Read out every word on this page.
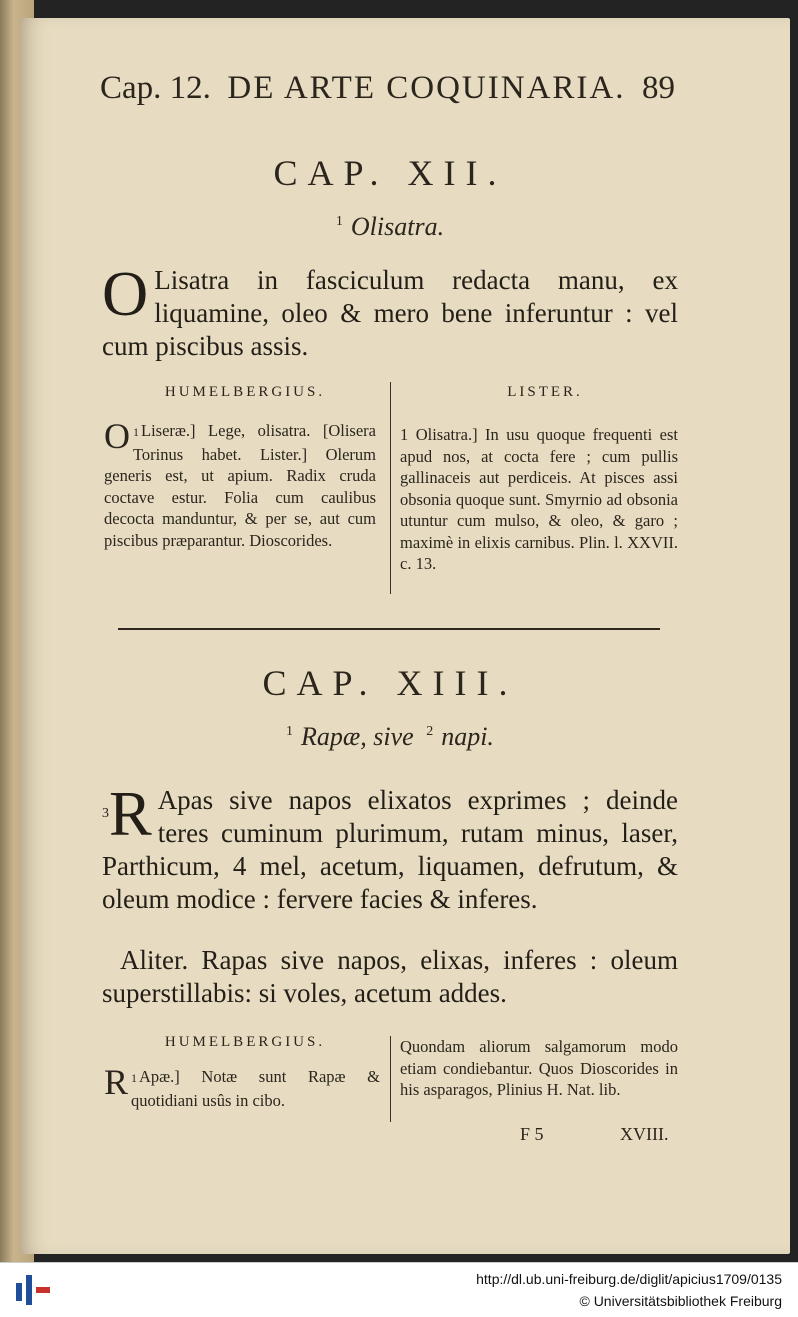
Cap. 12. DE ARTE COQUINARIA. 89
CAP. XII.
$^1$ Olisatra.
O Lisatra in fasciculum redacta manu, ex liquamine, oleo & mero bene inferuntur : vel cum piscibus assis.
HUMELBERGIUS.	LISTER.
1
O Liseræ.] Lege, olisatra. [Olisera Torinus habet. Lister.] Olerum generis est, ut apium. Radix cruda coctave estur. Folia cum caulibus decocta manduntur, & per se, aut cum piscibus præparantur. Dioscorides.
1 Olisatra.] In usu quoque frequenti est apud nos, at cocta fere ; cum pullis gallinaceis aut perdiceis. At pisces assi obsonia quoque sunt. Smyrnio ad obsonia utuntur cum mulso, & oleo, & garo ; maximè in elixis carnibus. Plin. l. XXVII. c. 13.
CAP. XIII.
$^1$ Rapæ, sive $^2$ napi.
$^3$R Apas sive napos elixatos exprimes ; deinde teres cuminum plurimum, rutam minus, laser, Parthicum, 4 mel, acetum, liquamen, defrutum, & oleum modice : fervere facies & inferes.
Aliter. Rapas sive napos, elixas, inferes : oleum superstillabis: si voles, acetum addes.
HUMELBERGIUS.
1
R Apæ.] Notæ sunt Rapæ & quotidiani usûs in cibo.
Quondam aliorum salgamorum modo etiam condiebantur. Quos Dioscorides in his asparagos, Plinius H. Nat. lib.
F 5	XVIII.
http://dl.ub.uni-freiburg.de/diglit/apicius1709/0135
© Universitätsbibliothek Freiburg
